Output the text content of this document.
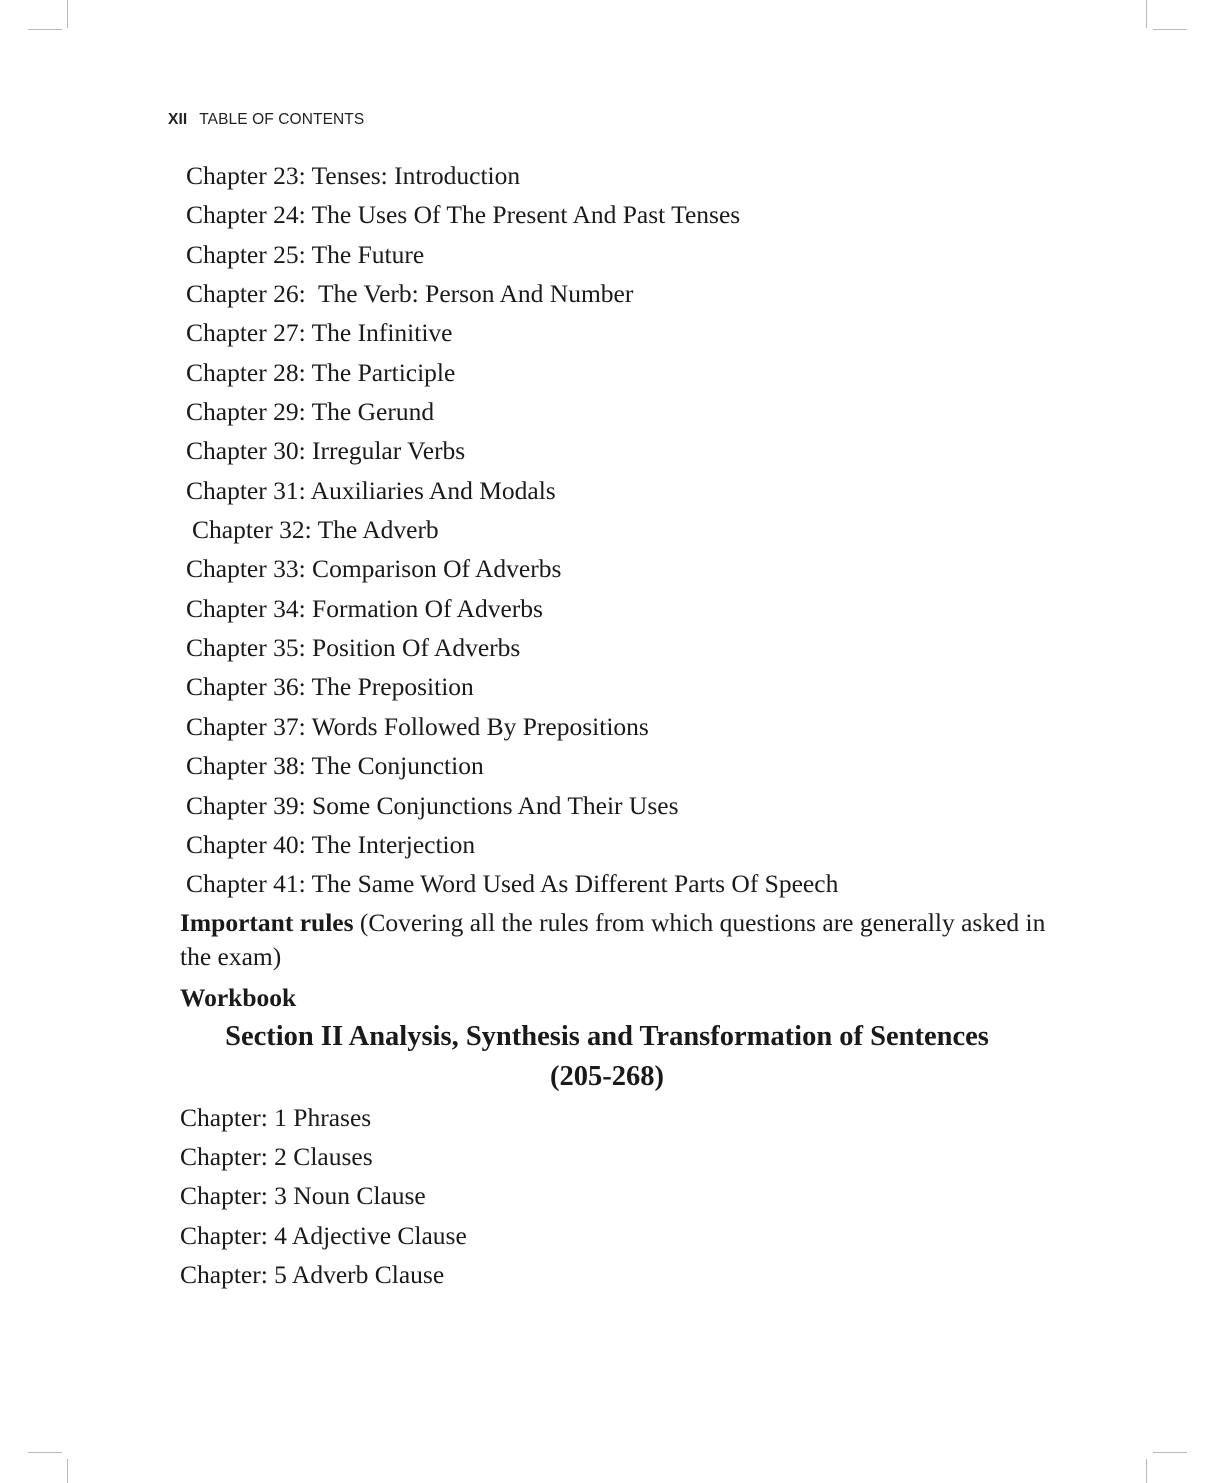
XII TABLE OF CONTENTS
Chapter 23: Tenses: Introduction
Chapter 24: The Uses Of The Present And Past Tenses
Chapter 25: The Future
Chapter 26:  The Verb: Person And Number
Chapter 27: The Infinitive
Chapter 28: The Participle
Chapter 29: The Gerund
Chapter 30: Irregular Verbs
Chapter 31: Auxiliaries And Modals
Chapter 32: The Adverb
Chapter 33: Comparison Of Adverbs
Chapter 34: Formation Of Adverbs
Chapter 35: Position Of Adverbs
Chapter 36: The Preposition
Chapter 37: Words Followed By Prepositions
Chapter 38: The Conjunction
Chapter 39: Some Conjunctions And Their Uses
Chapter 40: The Interjection
Chapter 41: The Same Word Used As Different Parts Of Speech
Important rules (Covering all the rules from which questions are generally asked in the exam)
Workbook
Section II Analysis, Synthesis and Transformation of Sentences
(205-268)
Chapter: 1 Phrases
Chapter: 2 Clauses
Chapter: 3 Noun Clause
Chapter: 4 Adjective Clause
Chapter: 5 Adverb Clause
